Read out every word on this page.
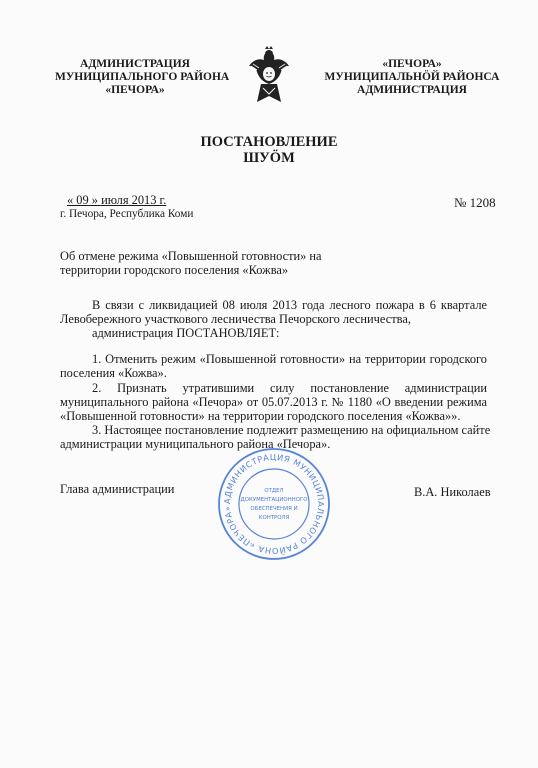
АДМИНИСТРАЦИЯ
МУНИЦИПАЛЬНОГО РАЙОНА
«ПЕЧОРА»
«ПЕЧОРА»
МУНИЦИПАЛЬНӦЙ РАЙОНСА
АДМИНИСТРАЦИЯ
ПОСТАНОВЛЕНИЕ
ШУӦМ
« 09 » июля 2013 г.
г. Печора, Республика Коми
№ 1208
Об отмене режима «Повышенной готовности» на
территории городского поселения «Кожва»
В связи с ликвидацией 08 июля 2013 года лесного пожара в 6 квартале
Левобережного участкового лесничества Печорского лесничества,
администрация ПОСТАНОВЛЯЕТ:
1. Отменить режим «Повышенной готовности» на территории городского
поселения «Кожва».
2. Признать утратившими силу постановление администрации
муниципального района «Печора» от 05.07.2013 г. № 1180 «О введении режима
«Повышенной готовности» на территории городского поселения «Кожва»».
3. Настоящее постановление подлежит размещению на официальном сайте
администрации муниципального района «Печора».
Глава администрации	В.А. Николаев
АДМИНИСТРАЦИЯ МУНИЦИПАЛЬНОГО РАЙОНА «ПЕЧОРА»
ОТДЕЛ
ДОКУМЕНТАЦИОННОГО
ОБЕСПЕЧЕНИЯ И
КОНТРОЛЯ
